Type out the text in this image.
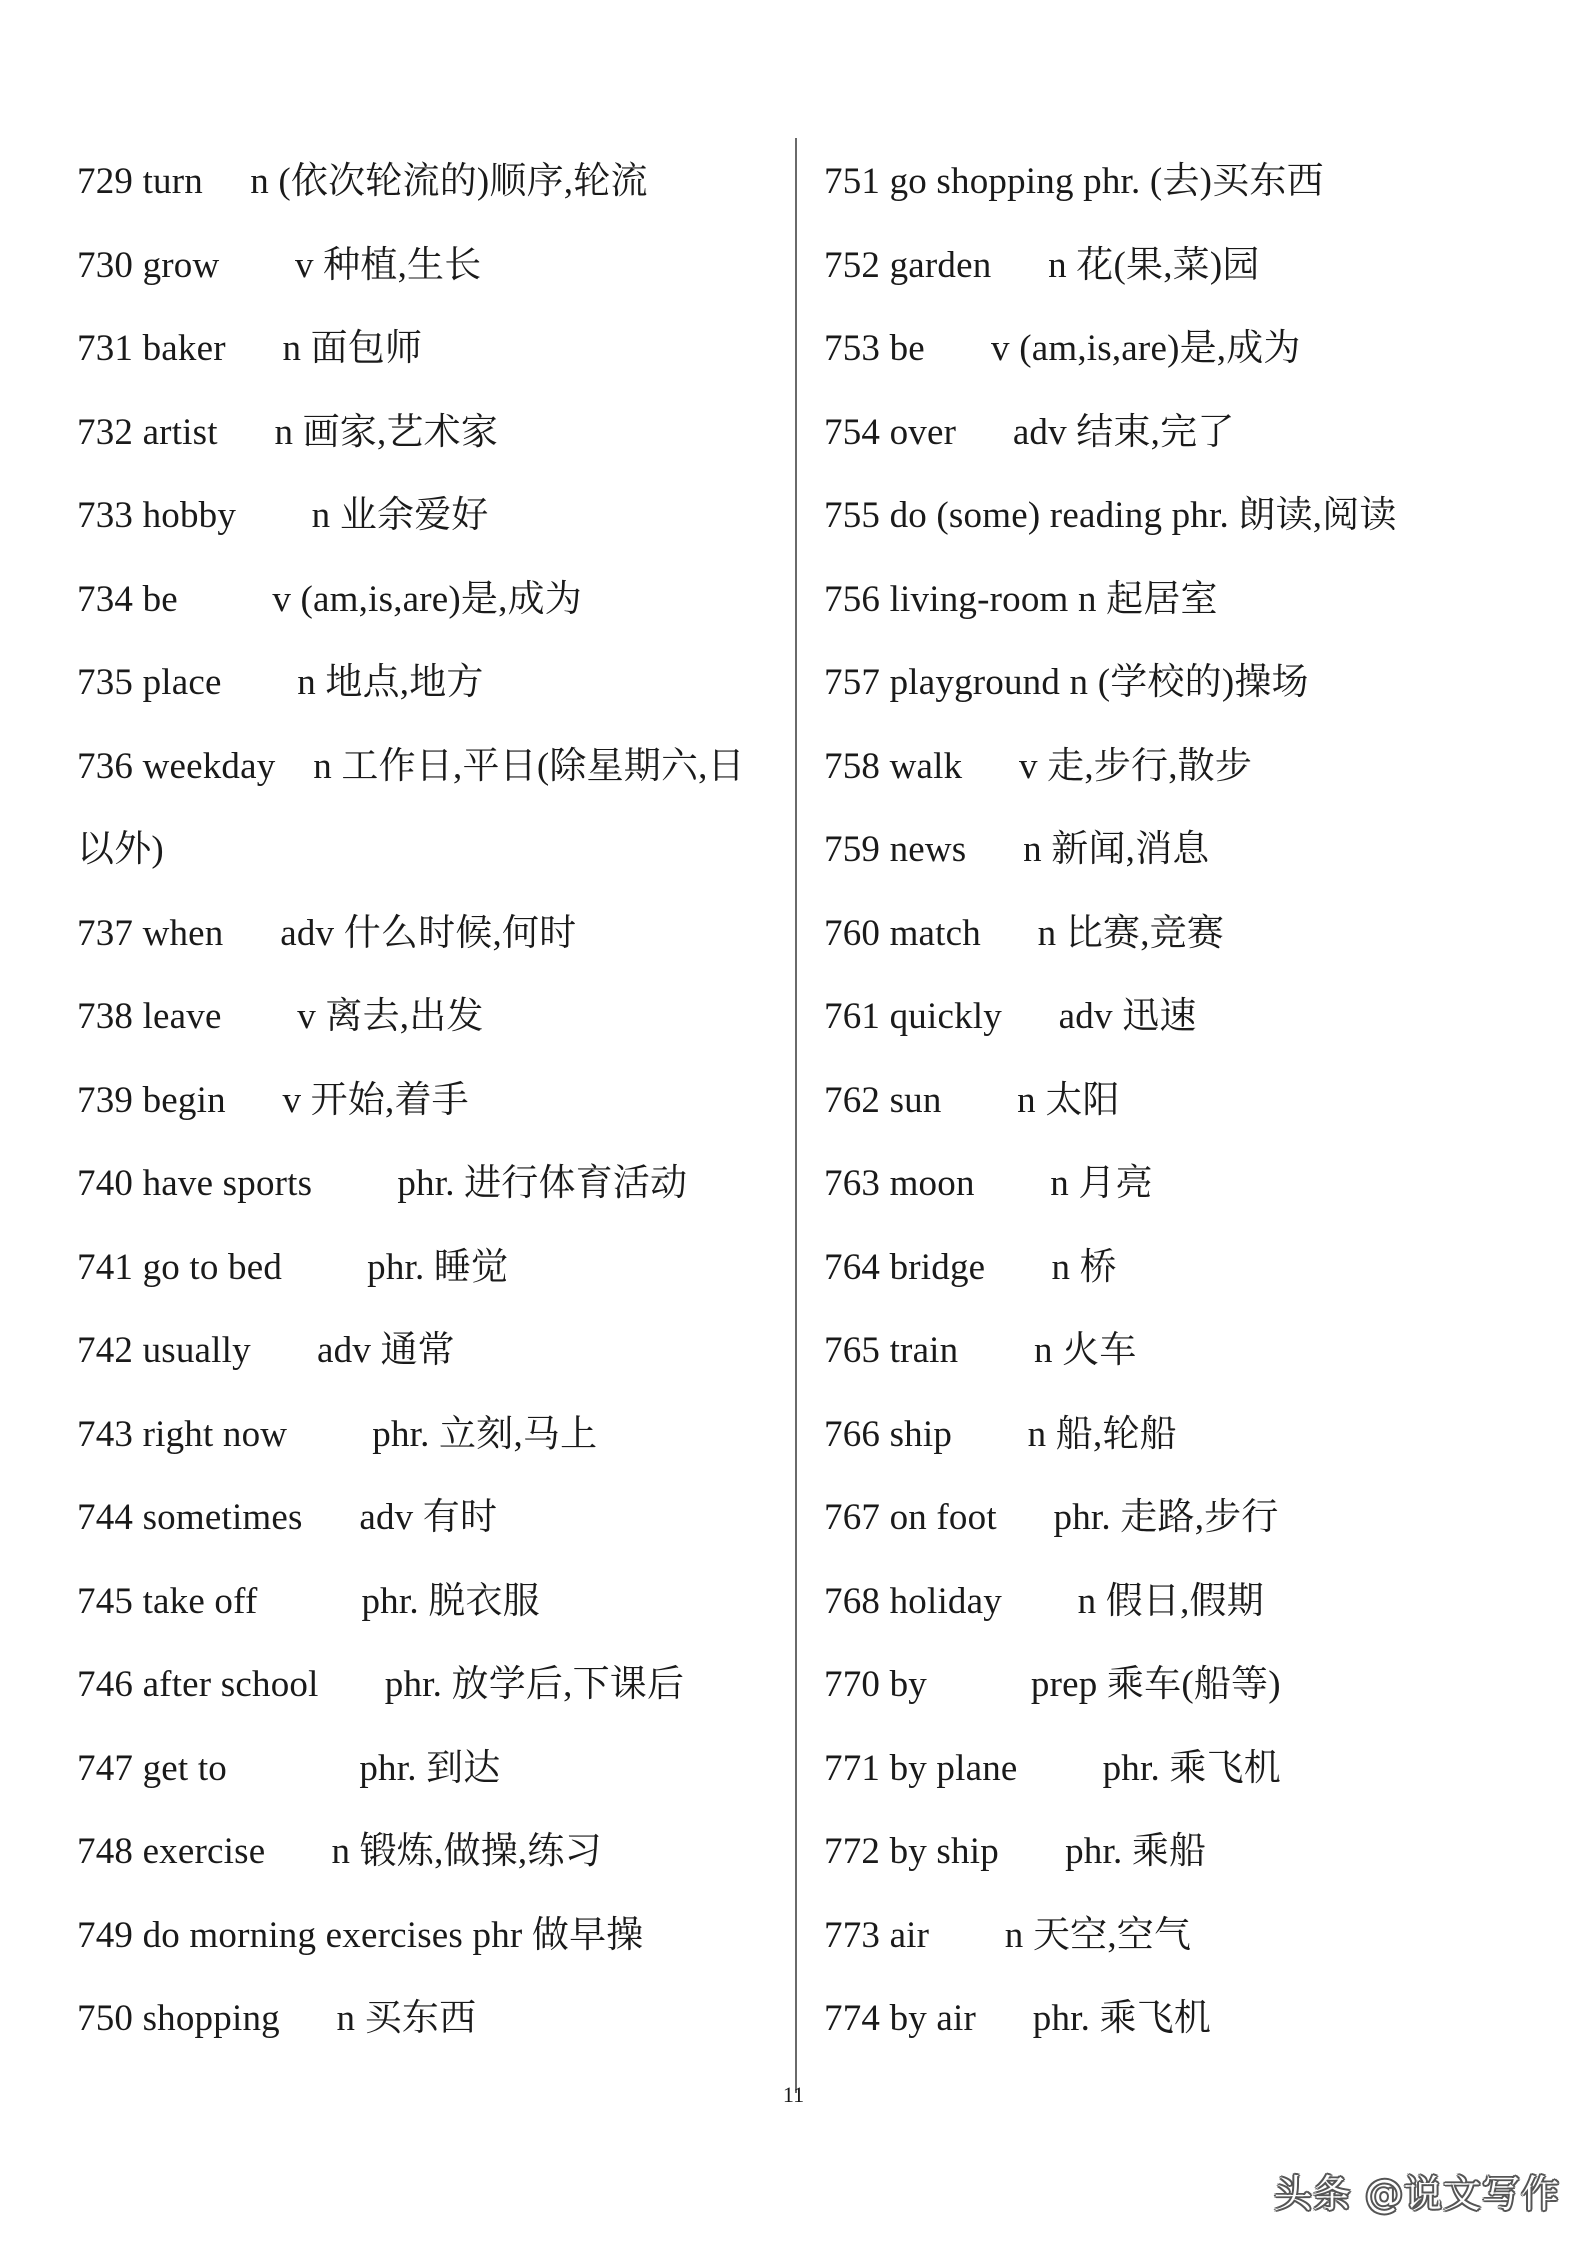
729 turn n (依次轮流的)顺序,轮流
730 grow v 种植,生长
731 baker n 面包师
732 artist n 画家,艺术家
733 hobby n 业余爱好
734 be	v (am,is,are)是,成为
735 place n 地点,地方
736 weekday n 工作日,平日(除星期六,日以外)
737 when adv 什么时候,何时
738 leave v 离去,出发
739 begin v 开始,着手
740 have sports phr. 进行体育活动
741 go to bed phr. 睡觉
742 usually adv 通常
743 right now phr. 立刻,马上
744 sometimes adv 有时
745 take off	phr. 脱衣服
746 after school phr. 放学后,下课后
747 get to	phr. 到达
748 exercise n 锻炼,做操,练习
749 do morning exercises phr 做早操
750 shopping n 买东西
751 go shopping phr. (去)买东西
752 garden n 花(果,菜)园
753 be v (am,is,are)是,成为
754 over adv 结束,完了
755 do (some) reading phr. 朗读,阅读
756 living-room n 起居室
757 playground n (学校的)操场
758 walk v 走,步行,散步
759 news n 新闻,消息
760 match n 比赛,竞赛
761 quickly adv 迅速
762 sun n 太阳
763 moon n 月亮
764 bridge n 桥
765 train n 火车
766 ship n 船,轮船
767 on foot phr. 走路,步行
768 holiday n 假日,假期
770 by	prep 乘车(船等)
771 by plane phr. 乘飞机
772 by ship phr. 乘船
773 air n 天空,空气
774 by air phr. 乘飞机
11
头条 @说文写作
